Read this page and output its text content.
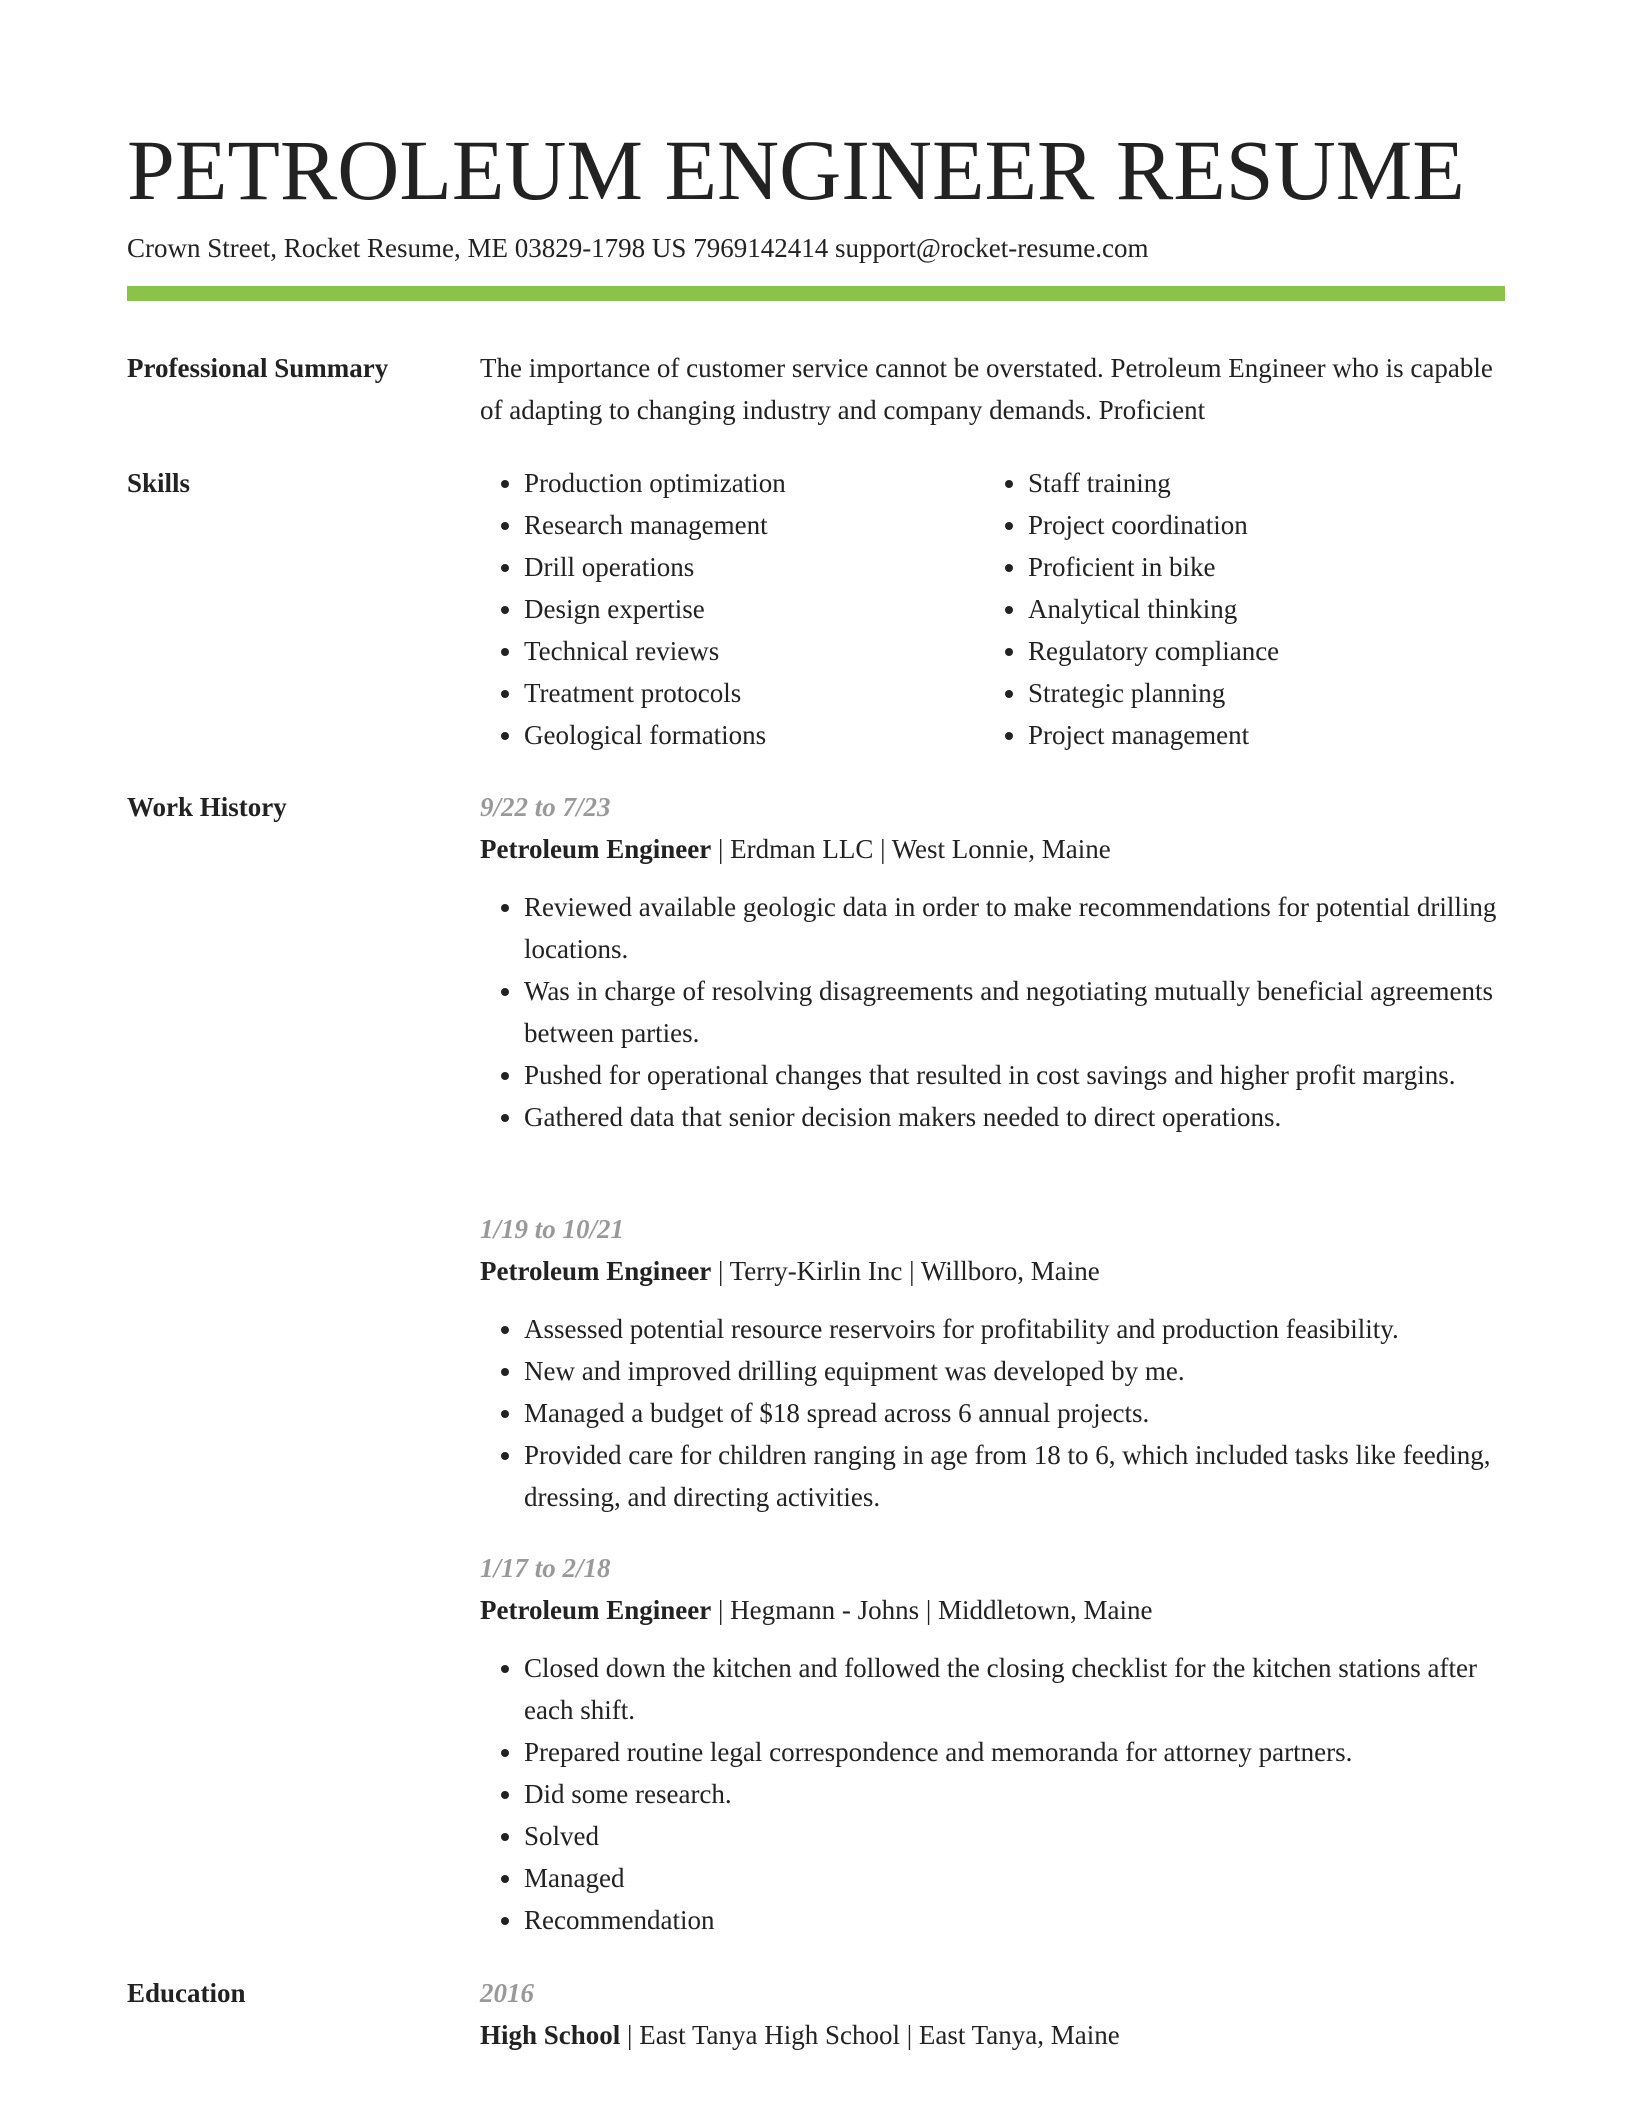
PETROLEUM ENGINEER RESUME
Crown Street, Rocket Resume, ME 03829-1798 US 7969142414 support@rocket-resume.com
Professional Summary	The importance of customer service cannot be overstated. Petroleum Engineer who is capable of adapting to changing industry and company demands. Proficient

Skills
•	Production optimization
• Research management
• Drill operations
• Design expertise
• Technical reviews
• Treatment protocols
• Geological formations
• Staff training
• Project coordination
• Proficient in bike
• Analytical thinking
• Regulatory compliance
• Strategic planning
• Project management
Work History	9/22 to 7/23
Petroleum Engineer | Erdman LLC | West Lonnie, Maine
• Reviewed available geologic data in order to make recommendations for potential drilling locations.
• Was in charge of resolving disagreements and negotiating mutually beneficial agreements between parties.
• Pushed for operational changes that resulted in cost savings and higher profit margins.
• Gathered data that senior decision makers needed to direct operations.
1/19 to 10/21
Petroleum Engineer | Terry-Kirlin Inc | Willboro, Maine
• Assessed potential resource reservoirs for profitability and production feasibility.
• New and improved drilling equipment was developed by me.
• Managed a budget of $18 spread across 6 annual projects.
• Provided care for children ranging in age from 18 to 6, which included tasks like feeding, dressing, and directing activities.
1/17 to 2/18
Petroleum Engineer | Hegmann - Johns | Middletown, Maine
• Closed down the kitchen and followed the closing checklist for the kitchen stations after each shift.
• Prepared routine legal correspondence and memoranda for attorney partners.
• Did some research.
• Solved
• Managed
• Recommendation
Education	2016
High School | East Tanya High School | East Tanya, Maine
